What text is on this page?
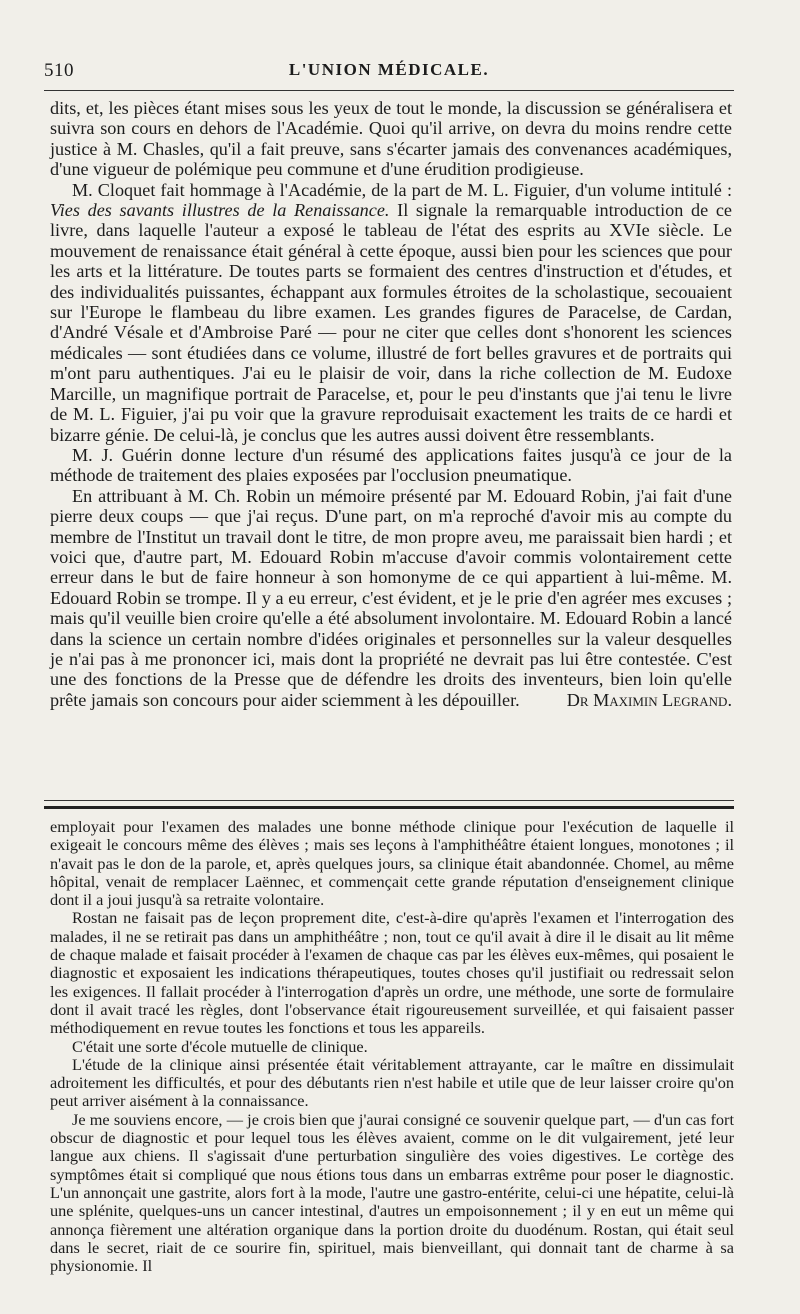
510	L'UNION MÉDICALE.

dits, et, les pièces étant mises sous les yeux de tout le monde, la discussion se généralisera et suivra son cours en dehors de l'Académie. Quoi qu'il arrive, on devra du moins rendre cette justice à M. Chasles, qu'il a fait preuve, sans s'écarter jamais des convenances académiques, d'une vigueur de polémique peu commune et d'une érudition prodigieuse.

M. Cloquet fait hommage à l'Académie, de la part de M. L. Figuier, d'un volume intitulé : Vies des savants illustres de la Renaissance. Il signale la remarquable introduction de ce livre, dans laquelle l'auteur a exposé le tableau de l'état des esprits au XVIe siècle. Le mouvement de renaissance était général à cette époque, aussi bien pour les sciences que pour les arts et la littérature. De toutes parts se formaient des centres d'instruction et d'études, et des individualités puissantes, échappant aux formules étroites de la scholastique, secouaient sur l'Europe le flambeau du libre examen. Les grandes figures de Paracelse, de Cardan, d'André Vésale et d'Ambroise Paré — pour ne citer que celles dont s'honorent les sciences médicales — sont étudiées dans ce volume, illustré de fort belles gravures et de portraits qui m'ont paru authentiques. J'ai eu le plaisir de voir, dans la riche collection de M. Eudoxe Marcille, un magnifique portrait de Paracelse, et, pour le peu d'instants que j'ai tenu le livre de M. L. Figuier, j'ai pu voir que la gravure reproduisait exactement les traits de ce hardi et bizarre génie. De celui-là, je conclus que les autres aussi doivent être ressemblants.

M. J. Guérin donne lecture d'un résumé des applications faites jusqu'à ce jour de la méthode de traitement des plaies exposées par l'occlusion pneumatique.

En attribuant à M. Ch. Robin un mémoire présenté par M. Edouard Robin, j'ai fait d'une pierre deux coups — que j'ai reçus. D'une part, on m'a reproché d'avoir mis au compte du membre de l'Institut un travail dont le titre, de mon propre aveu, me paraissait bien hardi ; et voici que, d'autre part, M. Edouard Robin m'accuse d'avoir commis volontairement cette erreur dans le but de faire honneur à son homonyme de ce qui appartient à lui-même. M. Edouard Robin se trompe. Il y a eu erreur, c'est évident, et je le prie d'en agréer mes excuses ; mais qu'il veuille bien croire qu'elle a été absolument involontaire. M. Edouard Robin a lancé dans la science un certain nombre d'idées originales et personnelles sur la valeur desquelles je n'ai pas à me prononcer ici, mais dont la propriété ne devrait pas lui être contestée. C'est une des fonctions de la Presse que de défendre les droits des inventeurs, bien loin qu'elle prête jamais son concours pour aider sciemment à les dépouiller.	Dr Maximin Legrand.

employait pour l'examen des malades une bonne méthode clinique pour l'exécution de laquelle il exigeait le concours même des élèves ; mais ses leçons à l'amphithéâtre étaient longues, monotones ; il n'avait pas le don de la parole, et, après quelques jours, sa clinique était abandonnée. Chomel, au même hôpital, venait de remplacer Laënnec, et commençait cette grande réputation d'enseignement clinique dont il a joui jusqu'à sa retraite volontaire.

Rostan ne faisait pas de leçon proprement dite, c'est-à-dire qu'après l'examen et l'interrogation des malades, il ne se retirait pas dans un amphithéâtre ; non, tout ce qu'il avait à dire il le disait au lit même de chaque malade et faisait procéder à l'examen de chaque cas par les élèves eux-mêmes, qui posaient le diagnostic et exposaient les indications thérapeutiques, toutes choses qu'il justifiait ou redressait selon les exigences. Il fallait procéder à l'interrogation d'après un ordre, une méthode, une sorte de formulaire dont il avait tracé les règles, dont l'observance était rigoureusement surveillée, et qui faisaient passer méthodiquement en revue toutes les fonctions et tous les appareils.

C'était une sorte d'école mutuelle de clinique.

L'étude de la clinique ainsi présentée était véritablement attrayante, car le maître en dissimulait adroitement les difficultés, et pour des débutants rien n'est habile et utile que de leur laisser croire qu'on peut arriver aisément à la connaissance.

Je me souviens encore, — je crois bien que j'aurai consigné ce souvenir quelque part, — d'un cas fort obscur de diagnostic et pour lequel tous les élèves avaient, comme on le dit vulgairement, jeté leur langue aux chiens. Il s'agissait d'une perturbation singulière des voies digestives. Le cortège des symptômes était si compliqué que nous étions tous dans un embarras extrême pour poser le diagnostic. L'un annonçait une gastrite, alors fort à la mode, l'autre une gastro-entérite, celui-ci une hépatite, celui-là une splénite, quelques-uns un cancer intestinal, d'autres un empoisonnement ; il y en eut un même qui annonça fièrement une altération organique dans la portion droite du duodénum. Rostan, qui était seul dans le secret, riait de ce sourire fin, spirituel, mais bienveillant, qui donnait tant de charme à sa physionomie. Il
